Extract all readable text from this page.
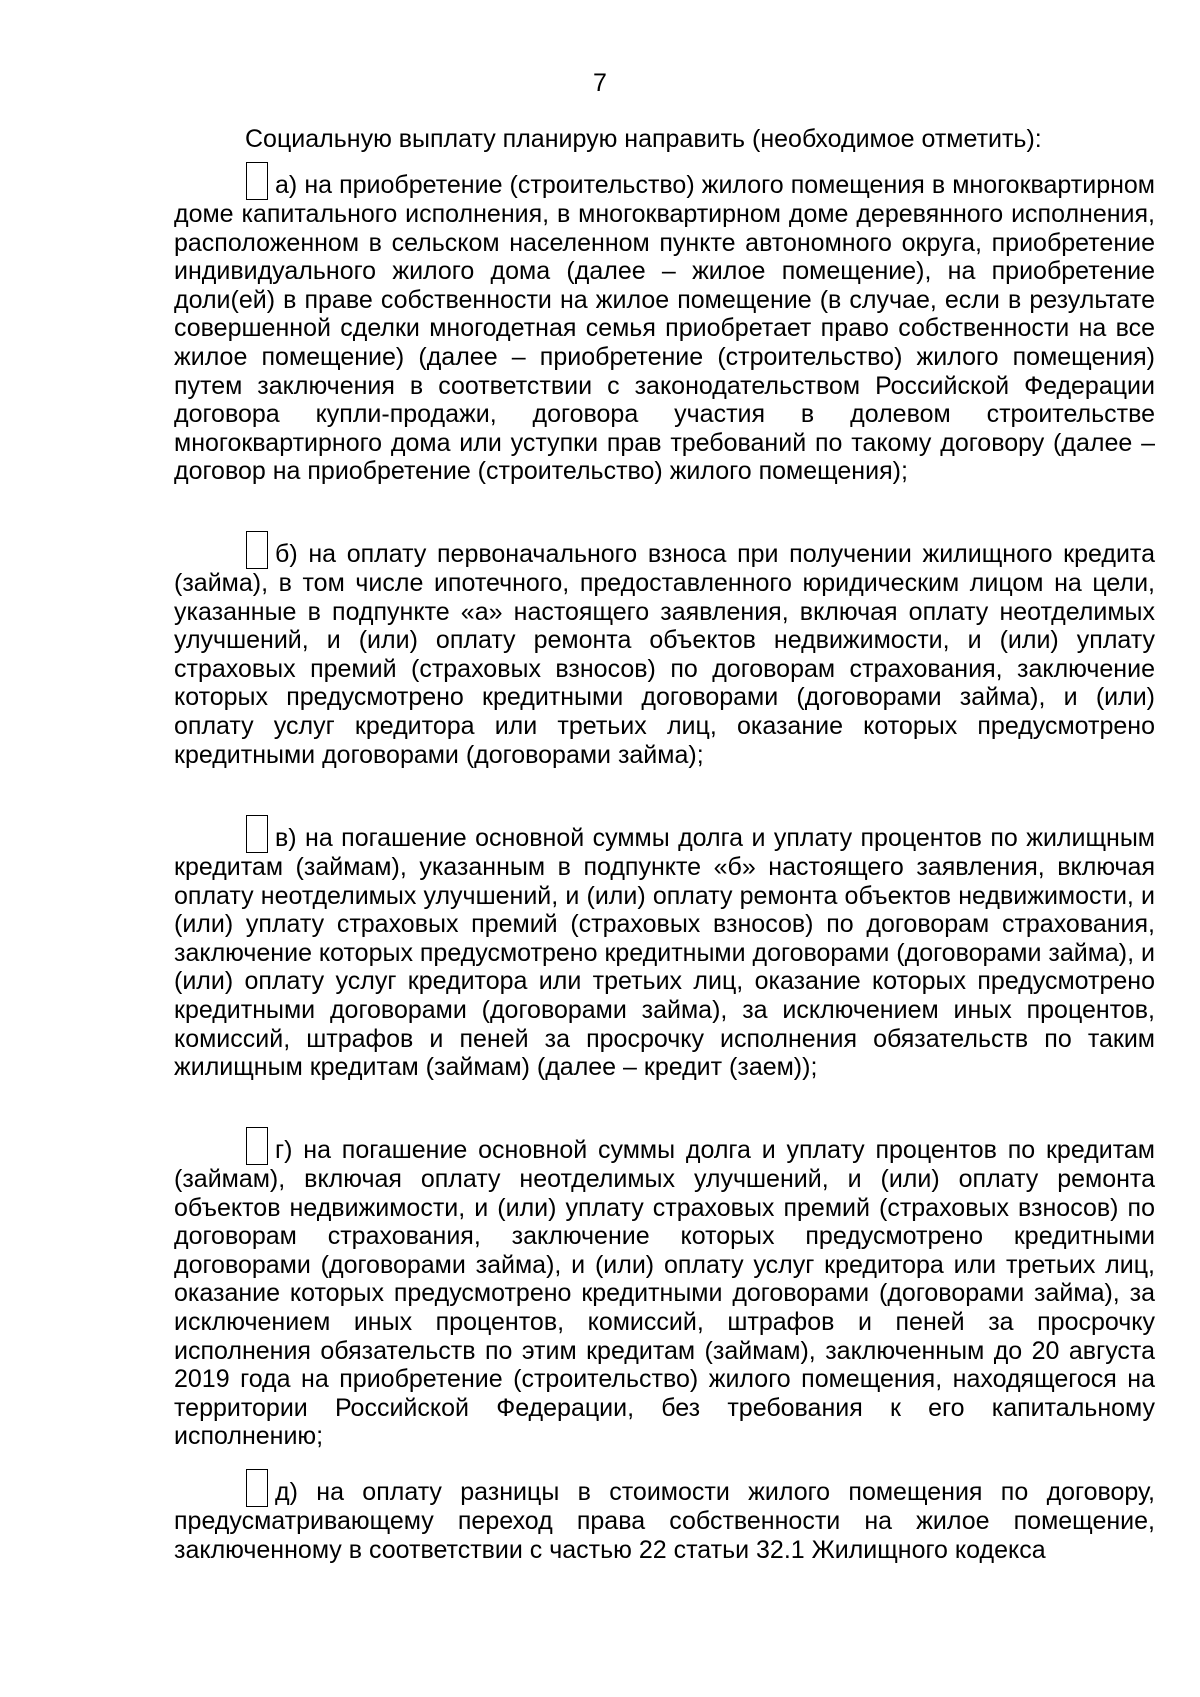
7
Социальную выплату планирую направить (необходимое отметить):

а) на приобретение (строительство) жилого помещения в многоквартирном доме капитального исполнения, в многоквартирном доме деревянного исполнения, расположенном в сельском населенном пункте автономного округа, приобретение индивидуального жилого дома (далее – жилое помещение), на приобретение доли(ей) в праве собственности на жилое помещение (в случае, если в результате совершенной сделки многодетная семья приобретает право собственности на все жилое помещение) (далее – приобретение (строительство) жилого помещения) путем заключения в соответствии с законодательством Российской Федерации договора купли-продажи, договора участия в долевом строительстве многоквартирного дома или уступки прав требований по такому договору (далее – договор на приобретение (строительство) жилого помещения);

б) на оплату первоначального взноса при получении жилищного кредита (займа), в том числе ипотечного, предоставленного юридическим лицом на цели, указанные в подпункте «а» настоящего заявления, включая оплату неотделимых улучшений, и (или) оплату ремонта объектов недвижимости, и (или) уплату страховых премий (страховых взносов) по договорам страхования, заключение которых предусмотрено кредитными договорами (договорами займа), и (или) оплату услуг кредитора или третьих лиц, оказание которых предусмотрено кредитными договорами (договорами займа);

в) на погашение основной суммы долга и уплату процентов по жилищным кредитам (займам), указанным в подпункте «б» настоящего заявления, включая оплату неотделимых улучшений, и (или) оплату ремонта объектов недвижимости, и (или) уплату страховых премий (страховых взносов) по договорам страхования, заключение которых предусмотрено кредитными договорами (договорами займа), и (или) оплату услуг кредитора или третьих лиц, оказание которых предусмотрено кредитными договорами (договорами займа), за исключением иных процентов, комиссий, штрафов и пеней за просрочку исполнения обязательств по таким жилищным кредитам (займам) (далее – кредит (заем));

г) на погашение основной суммы долга и уплату процентов по кредитам (займам), включая оплату неотделимых улучшений, и (или) оплату ремонта объектов недвижимости, и (или) уплату страховых премий (страховых взносов) по договорам страхования, заключение которых предусмотрено кредитными договорами (договорами займа), и (или) оплату услуг кредитора или третьих лиц, оказание которых предусмотрено кредитными договорами (договорами займа), за исключением иных процентов, комиссий, штрафов и пеней за просрочку исполнения обязательств по этим кредитам (займам), заключенным до 20 августа 2019 года на приобретение (строительство) жилого помещения, находящегося на территории Российской Федерации, без требования к его капитальному исполнению;

д) на оплату разницы в стоимости жилого помещения по договору, предусматривающему переход права собственности на жилое помещение, заключенному в соответствии с частью 22 статьи 32.1 Жилищного кодекса
